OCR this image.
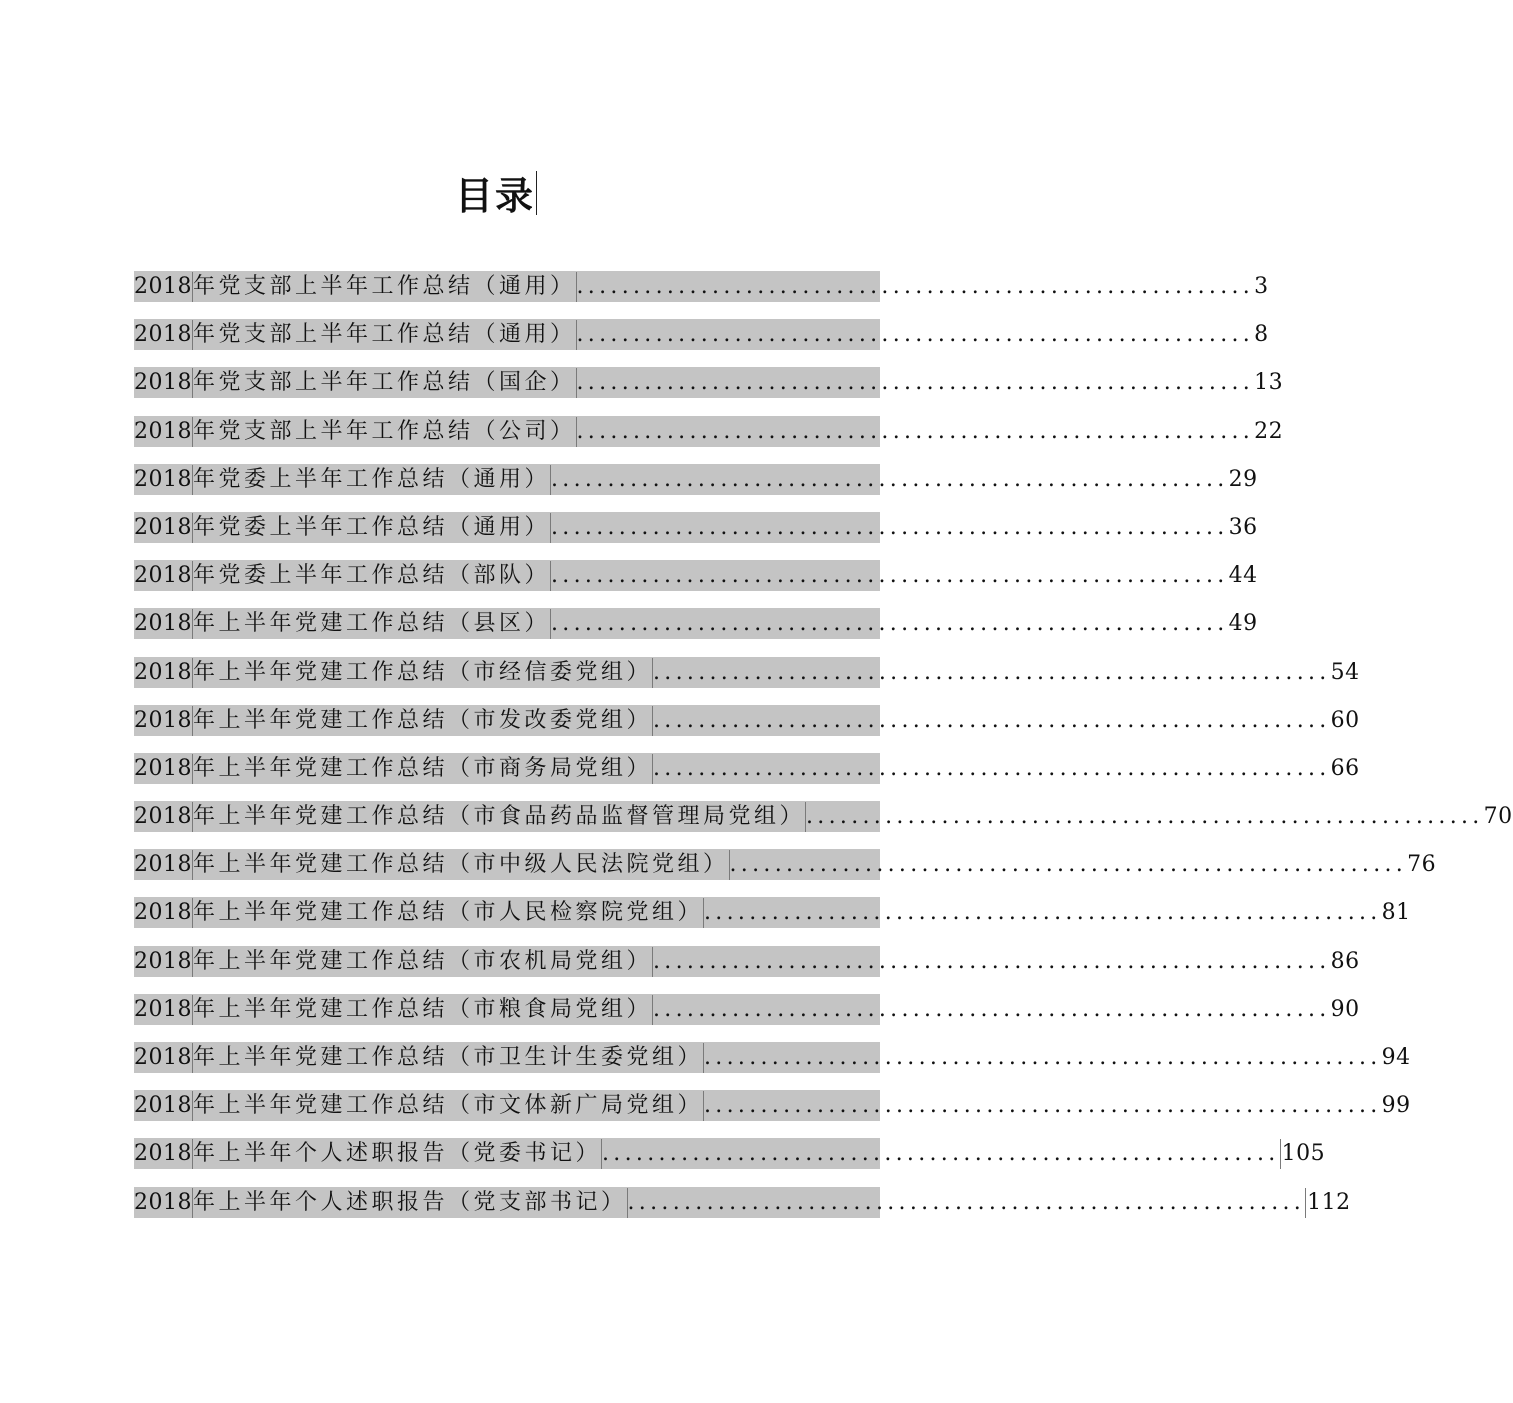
目录
2018 年党支部上半年工作总结（通用） ............................................................ 3
2018 年党支部上半年工作总结（通用） ............................................................ 8
2018 年党支部上半年工作总结（国企） ............................................................ 13
2018 年党支部上半年工作总结（公司） ............................................................ 22
2018 年党委上半年工作总结（通用） ............................................................ 29
2018 年党委上半年工作总结（通用） ............................................................ 36
2018 年党委上半年工作总结（部队） ............................................................ 44
2018 年上半年党建工作总结（县区） ............................................................ 49
2018 年上半年党建工作总结（市经信委党组） ............................................................ 54
2018 年上半年党建工作总结（市发改委党组） ............................................................ 60
2018 年上半年党建工作总结（市商务局党组） ............................................................ 66
2018 年上半年党建工作总结（市食品药品监督管理局党组） ............................................................ 70
2018 年上半年党建工作总结（市中级人民法院党组） ............................................................ 76
2018 年上半年党建工作总结（市人民检察院党组） ............................................................ 81
2018 年上半年党建工作总结（市农机局党组） ............................................................ 86
2018 年上半年党建工作总结（市粮食局党组） ............................................................ 90
2018 年上半年党建工作总结（市卫生计生委党组） ............................................................ 94
2018 年上半年党建工作总结（市文体新广局党组） ............................................................ 99
2018 年上半年个人述职报告（党委书记） ............................................................ 105
2018 年上半年个人述职报告（党支部书记） ............................................................ 112
